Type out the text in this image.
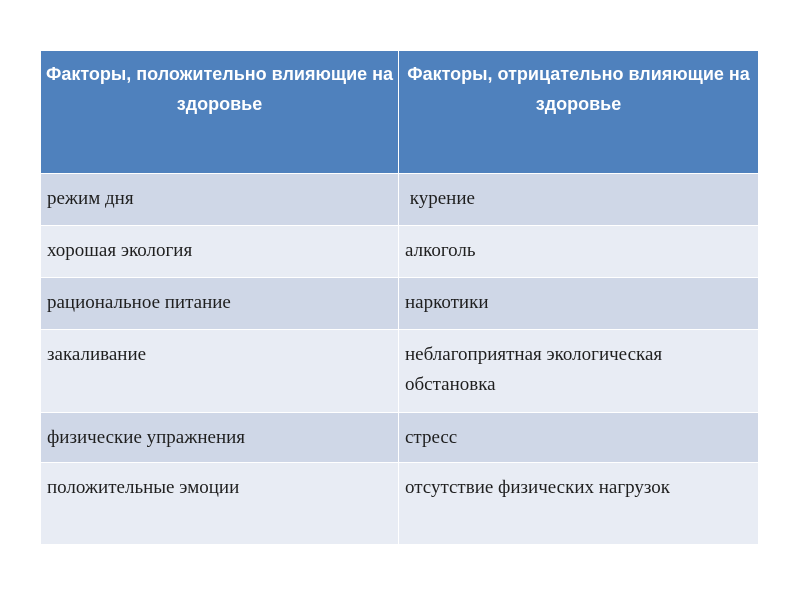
Факторы, положительно влияющие на здоровье	Факторы, отрицательно влияющие на здоровье

режим дня	курение

хорошая экология	алкоголь

рациональное питание	наркотики

закаливание	неблагоприятная экологическая обстановка

физические упражнения	стресс

положительные эмоции	отсутствие физических нагрузок
